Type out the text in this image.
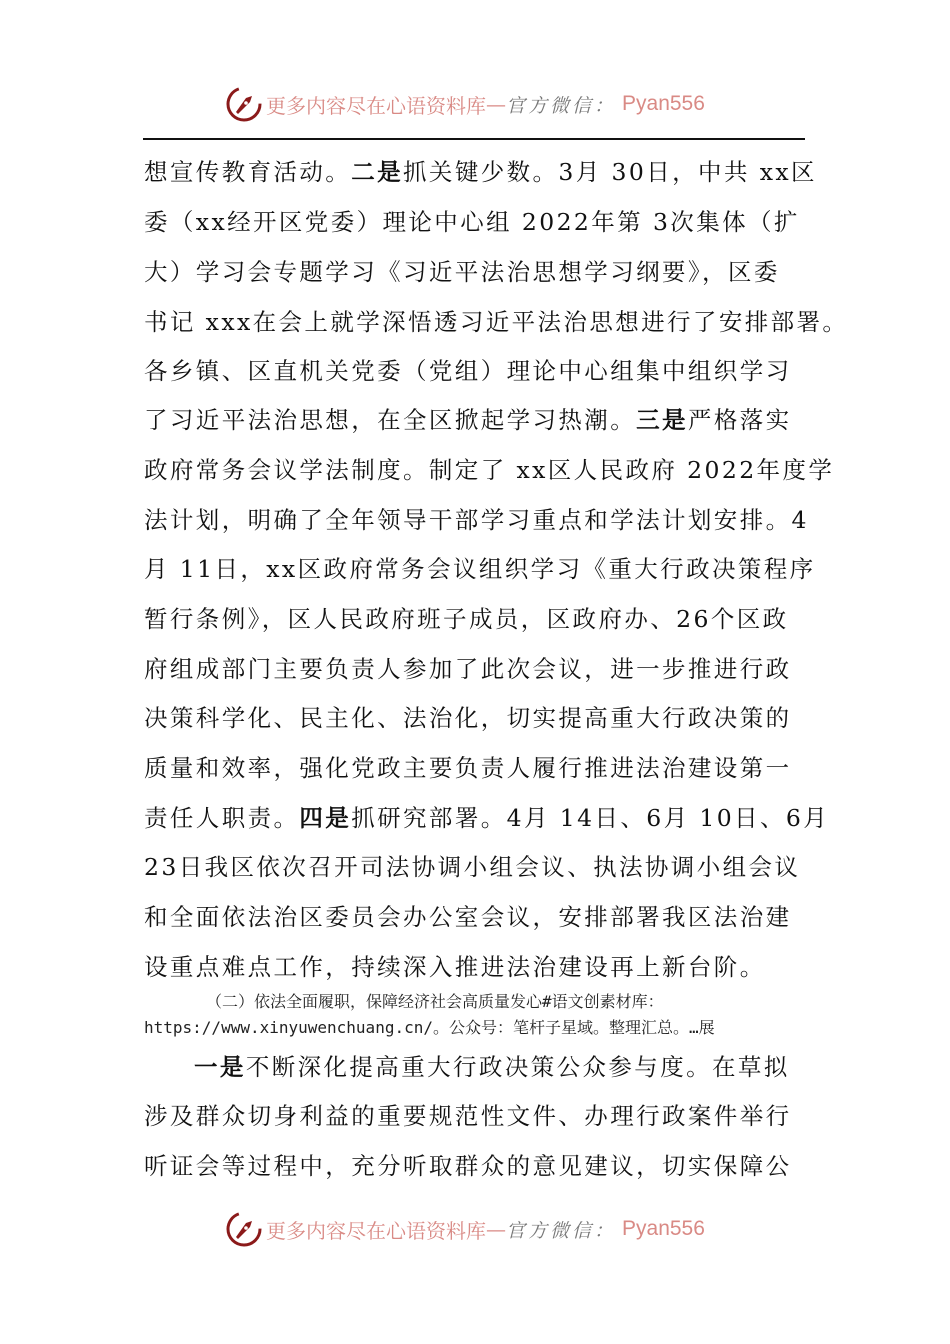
更多内容尽在心语资料库 — 官方微信： Pyan556
想宣传教育活动。二是抓关键少数。3月 30日，中共 xx区
委（xx经开区党委）理论中心组 2022年第 3次集体（扩
大）学习会专题学习《习近平法治思想学习纲要》，区委
书记 xxx在会上就学深悟透习近平法治思想进行了安排部署。
各乡镇、区直机关党委（党组）理论中心组集中组织学习
了习近平法治思想，在全区掀起学习热潮。三是严格落实
政府常务会议学法制度。制定了 xx区人民政府 2022年度学
法计划，明确了全年领导干部学习重点和学法计划安排。4
月 11日，xx区政府常务会议组织学习《重大行政决策程序
暂行条例》，区人民政府班子成员，区政府办、26个区政
府组成部门主要负责人参加了此次会议，进一步推进行政
决策科学化、民主化、法治化，切实提高重大行政决策的
质量和效率，强化党政主要负责人履行推进法治建设第一
责任人职责。四是抓研究部署。4月 14日、6月 10日、6月
23日我区依次召开司法协调小组会议、执法协调小组会议
和全面依法治区委员会办公室会议，安排部署我区法治建
设重点难点工作，持续深入推进法治建设再上新台阶。
（二）依法全面履职，保障经济社会高质量发心#语文创素材库：
https://www.xinyuwenchuang.cn/。公众号：笔杆子星域。整理汇总。…展
一是不断深化提高重大行政决策公众参与度。在草拟
涉及群众切身利益的重要规范性文件、办理行政案件举行
听证会等过程中，充分听取群众的意见建议，切实保障公
更多内容尽在心语资料库 — 官方微信： Pyan556
